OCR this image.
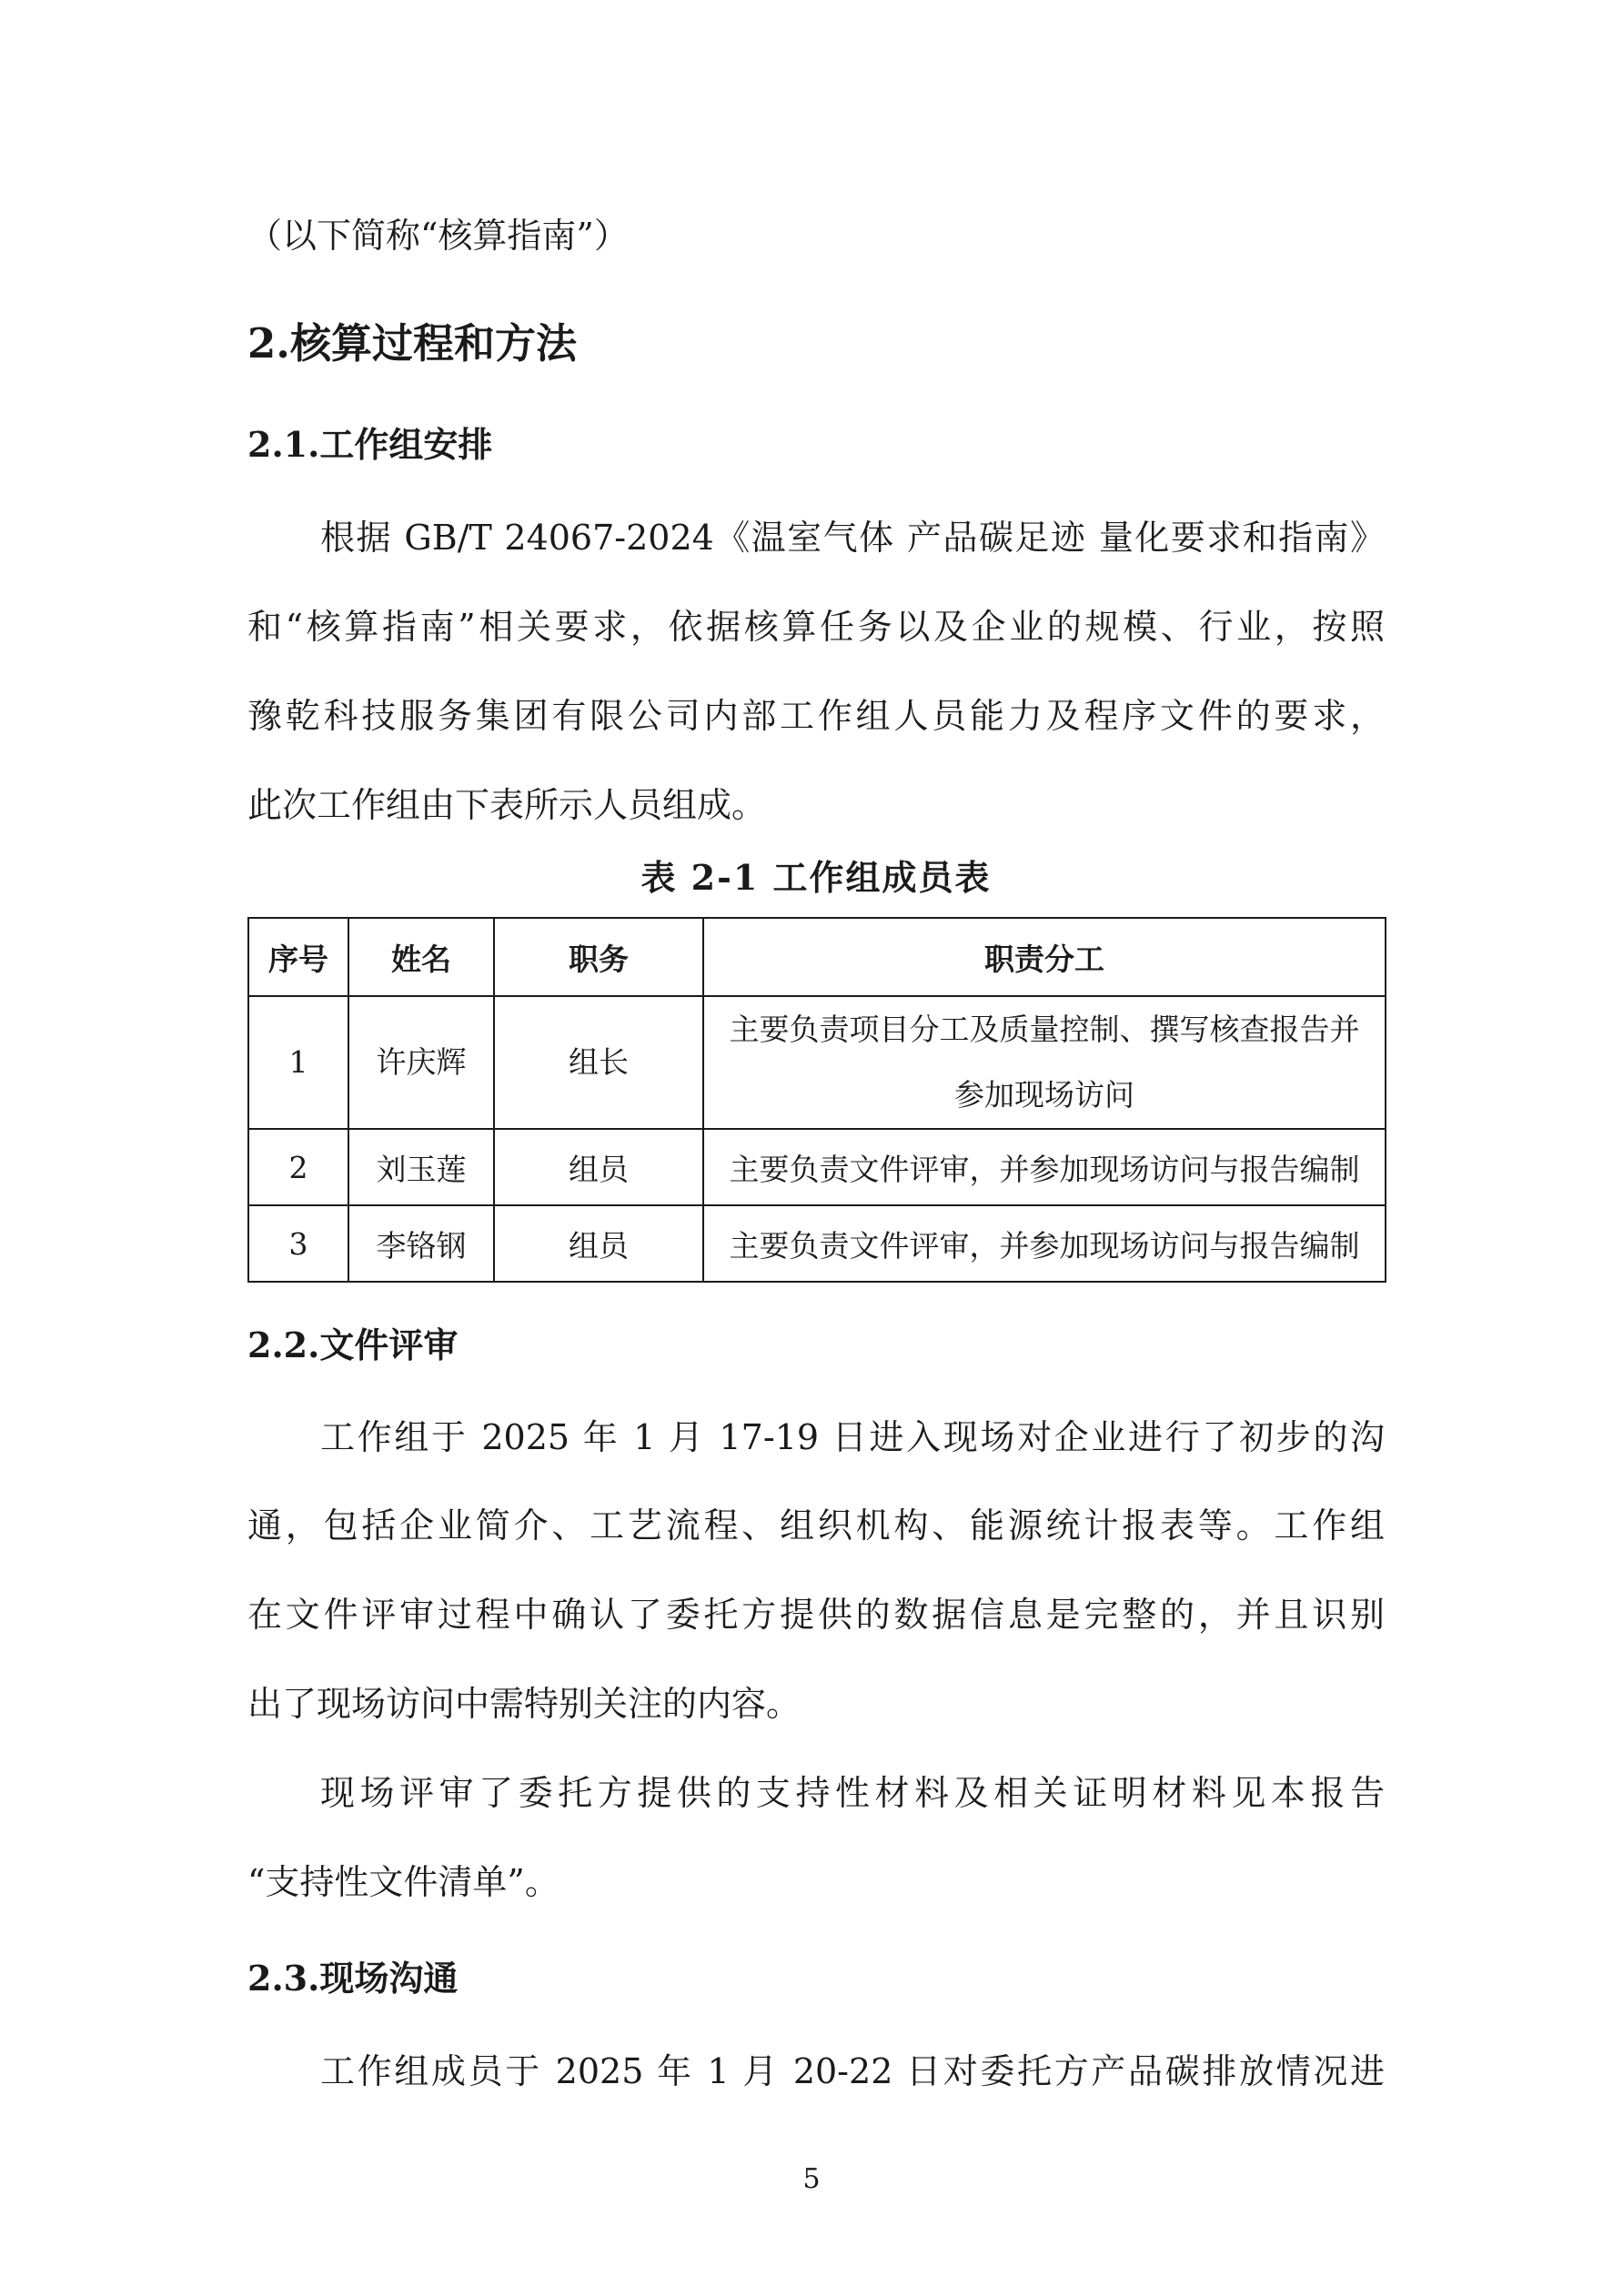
（以下简称“核算指南”）
2.核算过程和方法
2.1.工作组安排
根据 GB/T 24067-2024《温室气体 产品碳足迹 量化要求和指南》
和“核算指南”相关要求，依据核算任务以及企业的规模、行业，按照
豫乾科技服务集团有限公司内部工作组人员能力及程序文件的要求，
此次工作组由下表所示人员组成。
表 2-1 工作组成员表
序号	姓名	职务	职责分工
1	许庆辉	组长	主要负责项目分工及质量控制、撰写核查报告并
参加现场访问

2	刘玉莲	组员	主要负责文件评审，并参加现场访问与报告编制
3	李铬钢	组员	主要负责文件评审，并参加现场访问与报告编制
2.2.文件评审
工作组于 2025 年 1 月 17-19 日进入现场对企业进行了初步的沟
通，包括企业简介、工艺流程、组织机构、能源统计报表等。工作组
在文件评审过程中确认了委托方提供的数据信息是完整的，并且识别
出了现场访问中需特别关注的内容。
现场评审了委托方提供的支持性材料及相关证明材料见本报告
“支持性文件清单”。
2.3.现场沟通
工作组成员于 2025 年 1 月 20-22 日对委托方产品碳排放情况进
5
